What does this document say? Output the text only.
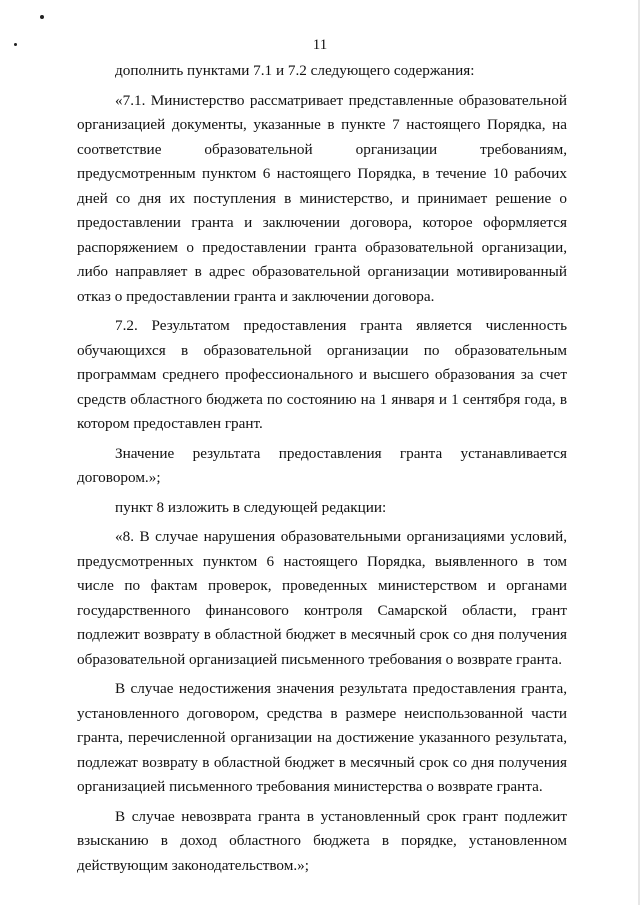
11

дополнить пунктами 7.1 и 7.2 следующего содержания:

«7.1. Министерство рассматривает представленные образовательной организацией документы, указанные в пункте 7 настоящего Порядка, на соответствие образовательной организации требованиям, предусмотренным пунктом 6 настоящего Порядка, в течение 10 рабочих дней со дня их поступления в министерство, и принимает решение о предоставлении гранта и заключении договора, которое оформляется распоряжением о предоставлении гранта образовательной организации, либо направляет в адрес образовательной организации мотивированный отказ о предоставлении гранта и заключении договора.

7.2. Результатом предоставления гранта является численность обучающихся в образовательной организации по образовательным программам среднего профессионального и высшего образования за счет средств областного бюджета по состоянию на 1 января и 1 сентября года, в котором предоставлен грант.

Значение результата предоставления гранта устанавливается договором.»;

пункт 8 изложить в следующей редакции:

«8. В случае нарушения образовательными организациями условий, предусмотренных пунктом 6 настоящего Порядка, выявленного в том числе по фактам проверок, проведенных министерством и органами государственного финансового контроля Самарской области, грант подлежит возврату в областной бюджет в месячный срок со дня получения образовательной организацией письменного требования о возврате гранта.

В случае недостижения значения результата предоставления гранта, установленного договором, средства в размере неиспользованной части гранта, перечисленной организации на достижение указанного результата, подлежат возврату в областной бюджет в месячный срок со дня получения организацией письменного требования министерства о возврате гранта.

В случае невозврата гранта в установленный срок грант подлежит взысканию в доход областного бюджета в порядке, установленном действующим законодательством.»;
